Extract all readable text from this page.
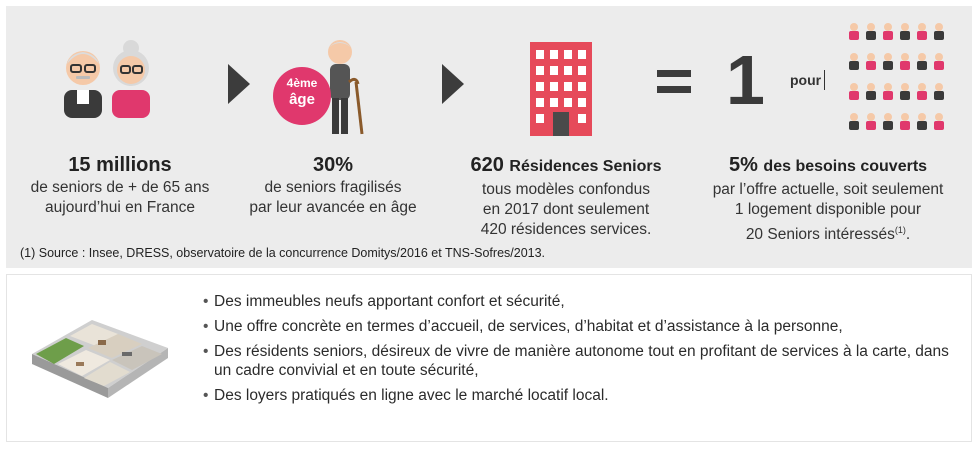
4ème
âge	1 pour
15 millions
de seniors de + de 65 ans
aujourd’hui en France
30%
de seniors fragilisés
par leur avancée en âge
620 Résidences Seniors
tous modèles confondus
en 2017 dont seulement
420 résidences services.
5% des besoins couverts
par l’offre actuelle, soit seulement
1 logement disponible pour
20 Seniors intéressés$^{(1)}$.
(1) Source : Insee, DRESS, observatoire de la concurrence Domitys/2016 et TNS-Sofres/2013.
• Des immeubles neufs apportant confort et sécurité,
• Une offre concrète en termes d’accueil, de services, d’habitat et d’assistance à la personne,
• Des résidents seniors, désireux de vivre de manière autonome tout en profitant de services à la carte, dans un cadre convivial et en toute sécurité,
• Des loyers pratiqués en ligne avec le marché locatif local.
